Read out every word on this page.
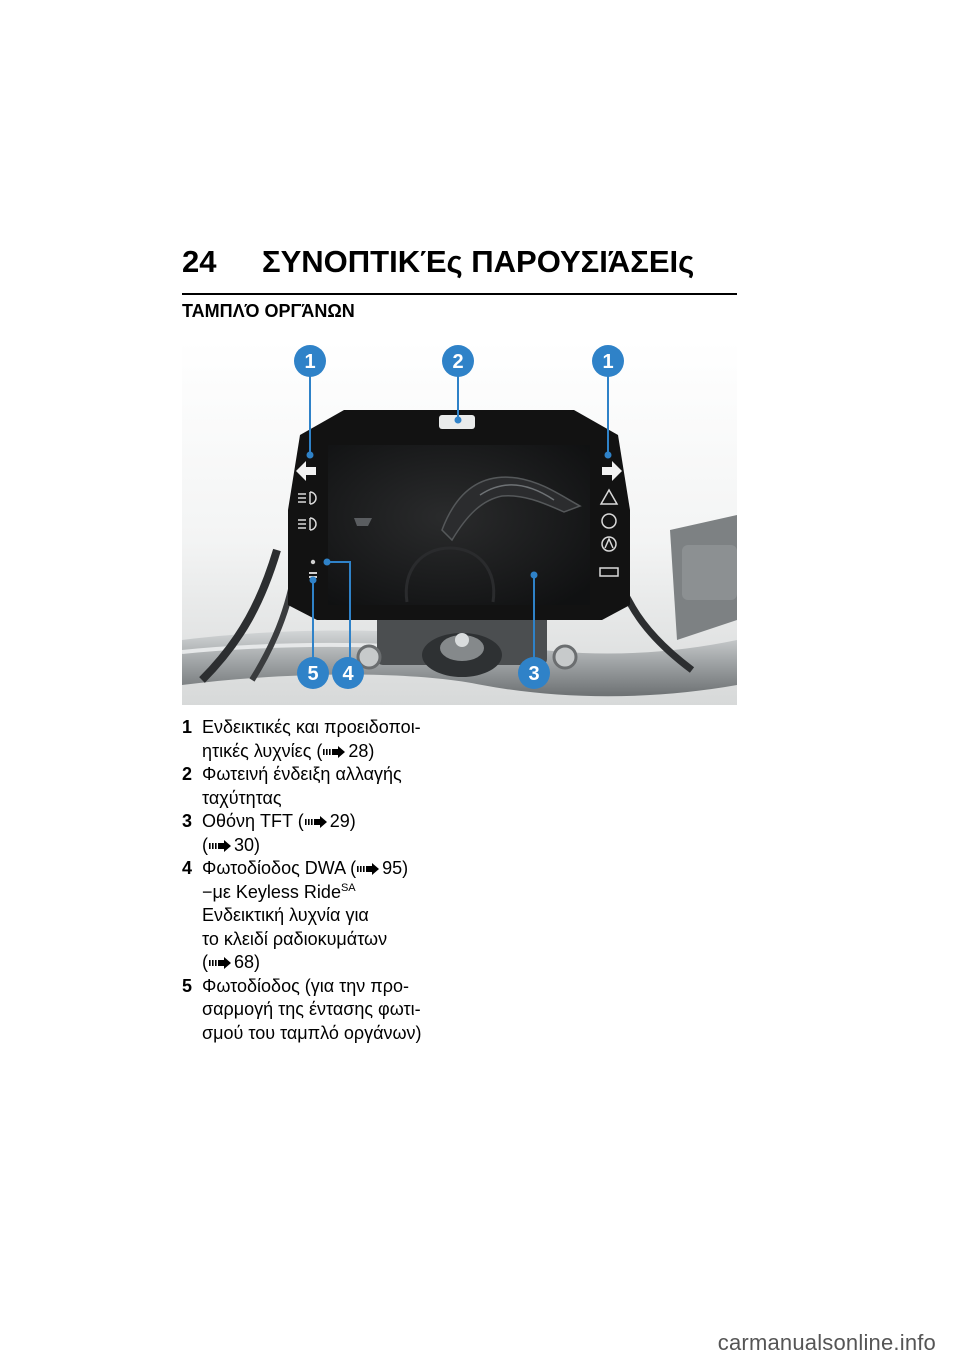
24 ΣΥΝΟΠΤΙΚΈς ΠΑΡΟΥΣΙΆΣΕΙς
ΤΑΜΠΛΌ ΟΡΓΆΝΩΝ
1	2	1
5 4	3
1 Ενδεικτικές και προειδοποι-
ητικές λυχνίες ( 28)
2 Φωτεινή ένδειξη αλλαγής
ταχύτητας
3 Οθόνη TFT ( 29)
( 30)
4 Φωτοδίοδος DWA ( 95)
−με Keyless Ride$^{SA}$
Ενδεικτική λυχνία για
το κλειδί ραδιοκυμάτων
( 68)
5 Φωτοδίοδος (για την προ-
σαρμογή της έντασης φωτι-
σμού του ταμπλό οργάνων)
carmanualsonline.info
